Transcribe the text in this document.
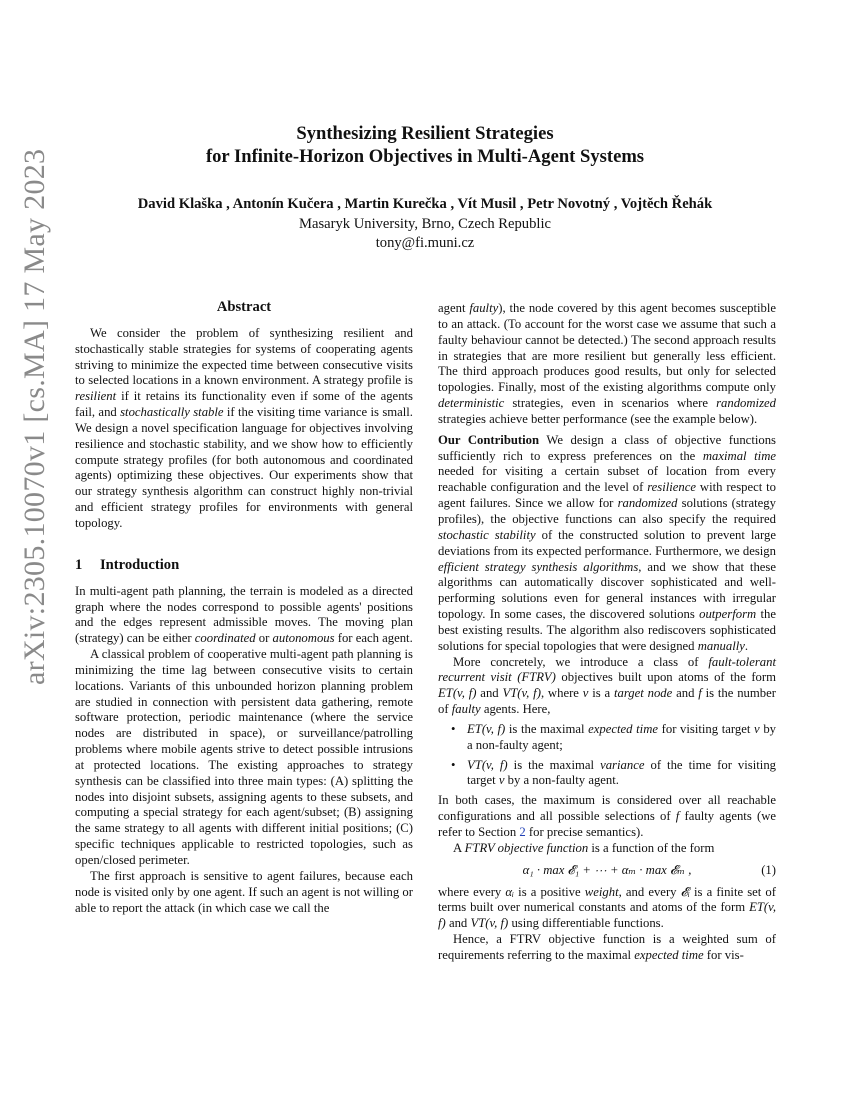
arXiv:2305.10070v1 [cs.MA] 17 May 2023
Synthesizing Resilient Strategies
for Infinite-Horizon Objectives in Multi-Agent Systems
David Klaška , Antonín Kučera , Martin Kurečka , Vít Musil , Petr Novotný , Vojtěch Řehák
Masaryk University, Brno, Czech Republic
tony@fi.muni.cz
Abstract

We consider the problem of synthesizing resilient and stochastically stable strategies for systems of cooperating agents striving to minimize the expected time between consecutive visits to selected locations in a known environment. A strategy profile is resilient if it retains its functionality even if some of the agents fail, and stochastically stable if the visiting time variance is small. We design a novel specification language for objectives involving resilience and stochastic stability, and we show how to efficiently compute strategy profiles (for both autonomous and coordinated agents) optimizing these objectives. Our experiments show that our strategy synthesis algorithm can construct highly non-trivial and efficient strategy profiles for environments with general topology.

1 Introduction

In multi-agent path planning, the terrain is modeled as a directed graph where the nodes correspond to possible agents' positions and the edges represent admissible moves. The moving plan (strategy) can be either coordinated or autonomous for each agent.

A classical problem of cooperative multi-agent path planning is minimizing the time lag between consecutive visits to certain locations. Variants of this unbounded horizon planning problem are studied in connection with persistent data gathering, remote software protection, periodic maintenance (where the service nodes are distributed in space), or surveillance/patrolling problems where mobile agents strive to detect possible intrusions at protected locations. The existing approaches to strategy synthesis can be classified into three main types: (A) splitting the nodes into disjoint subsets, assigning agents to these subsets, and computing a special strategy for each agent/subset; (B) assigning the same strategy to all agents with different initial positions; (C) specific techniques applicable to restricted topologies, such as open/closed perimeter.

The first approach is sensitive to agent failures, because each node is visited only by one agent. If such an agent is not willing or able to report the attack (in which case we call the

agent faulty), the node covered by this agent becomes susceptible to an attack. (To account for the worst case we assume that such a faulty behaviour cannot be detected.) The second approach results in strategies that are more resilient but generally less efficient. The third approach produces good results, but only for selected topologies. Finally, most of the existing algorithms compute only deterministic strategies, even in scenarios where randomized strategies achieve better performance (see the example below).

Our Contribution We design a class of objective functions sufficiently rich to express preferences on the maximal time needed for visiting a certain subset of location from every reachable configuration and the level of resilience with respect to agent failures. Since we allow for randomized solutions (strategy profiles), the objective functions can also specify the required stochastic stability of the constructed solution to prevent large deviations from its expected performance. Furthermore, we design efficient strategy synthesis algorithms, and we show that these algorithms can automatically discover sophisticated and well-performing solutions even for general instances with irregular topology. In some cases, the discovered solutions outperform the best existing results. The algorithm also rediscovers sophisticated solutions for special topologies that were designed manually.

More concretely, we introduce a class of fault-tolerant recurrent visit (FTRV) objectives built upon atoms of the form ET(v, f) and VT(v, f), where v is a target node and f is the number of faulty agents. Here,

• ET(v, f) is the maximal expected time for visiting target v by a non-faulty agent;
• VT(v, f) is the maximal variance of the time for visiting target v by a non-faulty agent.

In both cases, the maximum is considered over all reachable configurations and all possible selections of f faulty agents (we refer to Section 2 for precise semantics).

A FTRV objective function is a function of the form

α₁ · max 𝓔₁ + ⋯ + αₘ · max 𝓔ₘ ,	(1)

where every αᵢ is a positive weight, and every 𝓔ᵢ is a finite set of terms built over numerical constants and atoms of the form ET(v, f) and VT(v, f) using differentiable functions.

Hence, a FTRV objective function is a weighted sum of requirements referring to the maximal expected time for vis-
